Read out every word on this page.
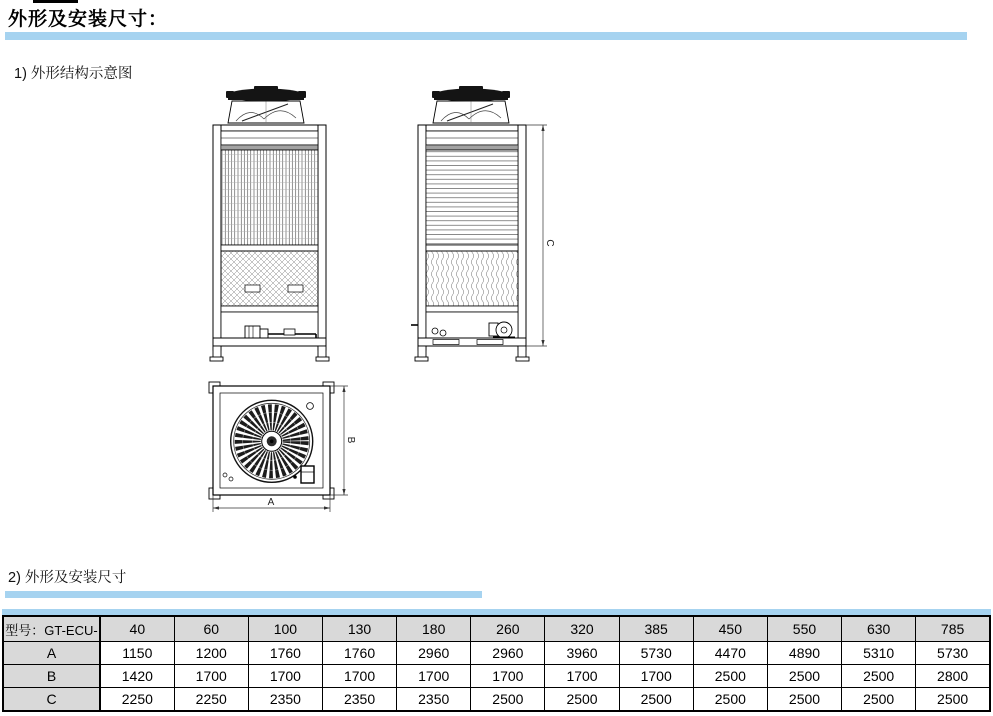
外形及安装尺寸：
1) 外形结构示意图
C
A
B
2) 外形及安装尺寸
型号：GT-ECU-	40	60	100	130	180	260	320	385	450	550	630	785
A	1150	1200	1760	1760	2960	2960	3960	5730	4470	4890	5310	5730
B	1420	1700	1700	1700	1700	1700	1700	1700	2500	2500	2500	2800
C	2250	2250	2350	2350	2350	2500	2500	2500	2500	2500	2500	2500
